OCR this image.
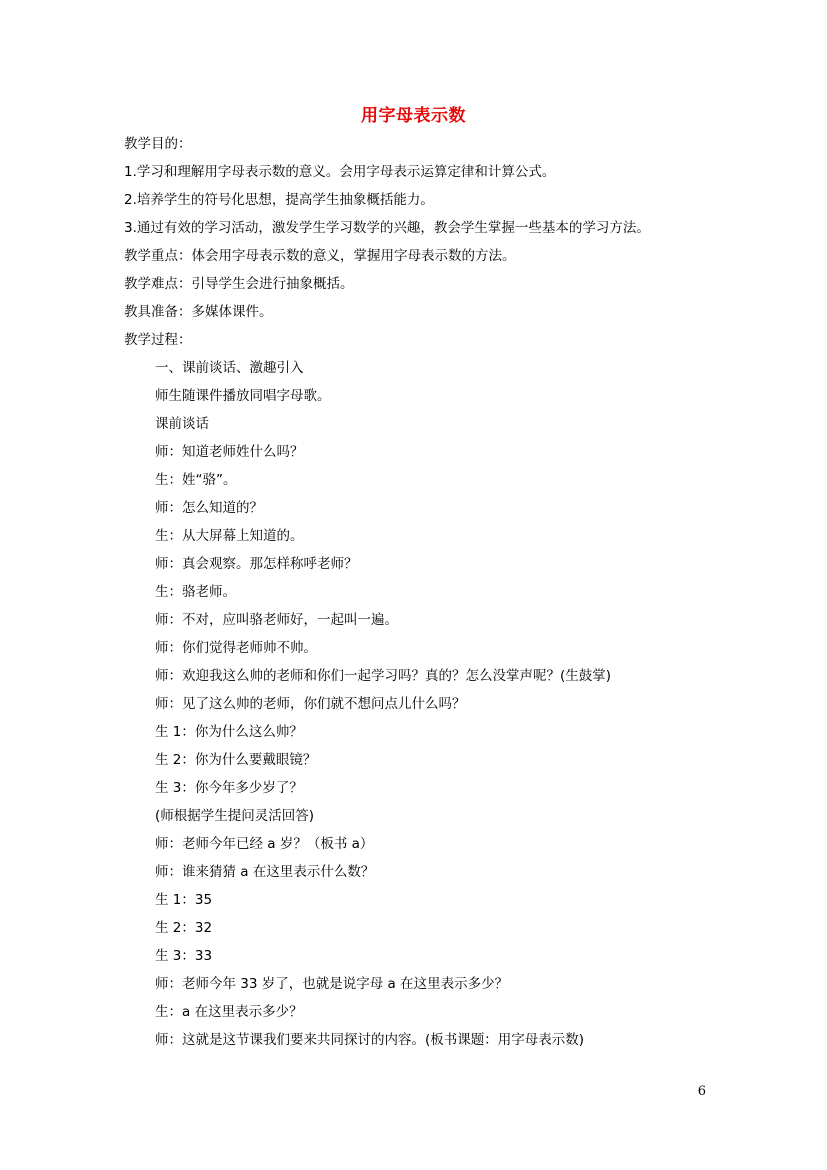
用字母表示数
教学目的：
1.学习和理解用字母表示数的意义。会用字母表示运算定律和计算公式。
2.培养学生的符号化思想，提高学生抽象概括能力。
3.通过有效的学习活动，激发学生学习数学的兴趣，教会学生掌握一些基本的学习方法。
教学重点：体会用字母表示数的意义，掌握用字母表示数的方法。
教学难点：引导学生会进行抽象概括。
教具准备：多媒体课件。
教学过程：
一、课前谈话、激趣引入
师生随课件播放同唱字母歌。
课前谈话
师：知道老师姓什么吗？
生：姓“骆”。
师：怎么知道的？
生：从大屏幕上知道的。
师：真会观察。那怎样称呼老师？
生：骆老师。
师：不对，应叫骆老师好，一起叫一遍。
师：你们觉得老师帅不帅。
师：欢迎我这么帅的老师和你们一起学习吗？真的？怎么没掌声呢？(生鼓掌)
师：见了这么帅的老师，你们就不想问点儿什么吗？
生 1：你为什么这么帅？
生 2：你为什么要戴眼镜？
生 3：你今年多少岁了？
(师根据学生提问灵活回答)
师：老师今年已经 a 岁？（板书 a）
师：谁来猜猜 a 在这里表示什么数？
生 1：35
生 2：32
生 3：33
师：老师今年 33 岁了，也就是说字母 a 在这里表示多少？
生：a 在这里表示多少？
师：这就是这节课我们要来共同探讨的内容。(板书课题：用字母表示数)
6
